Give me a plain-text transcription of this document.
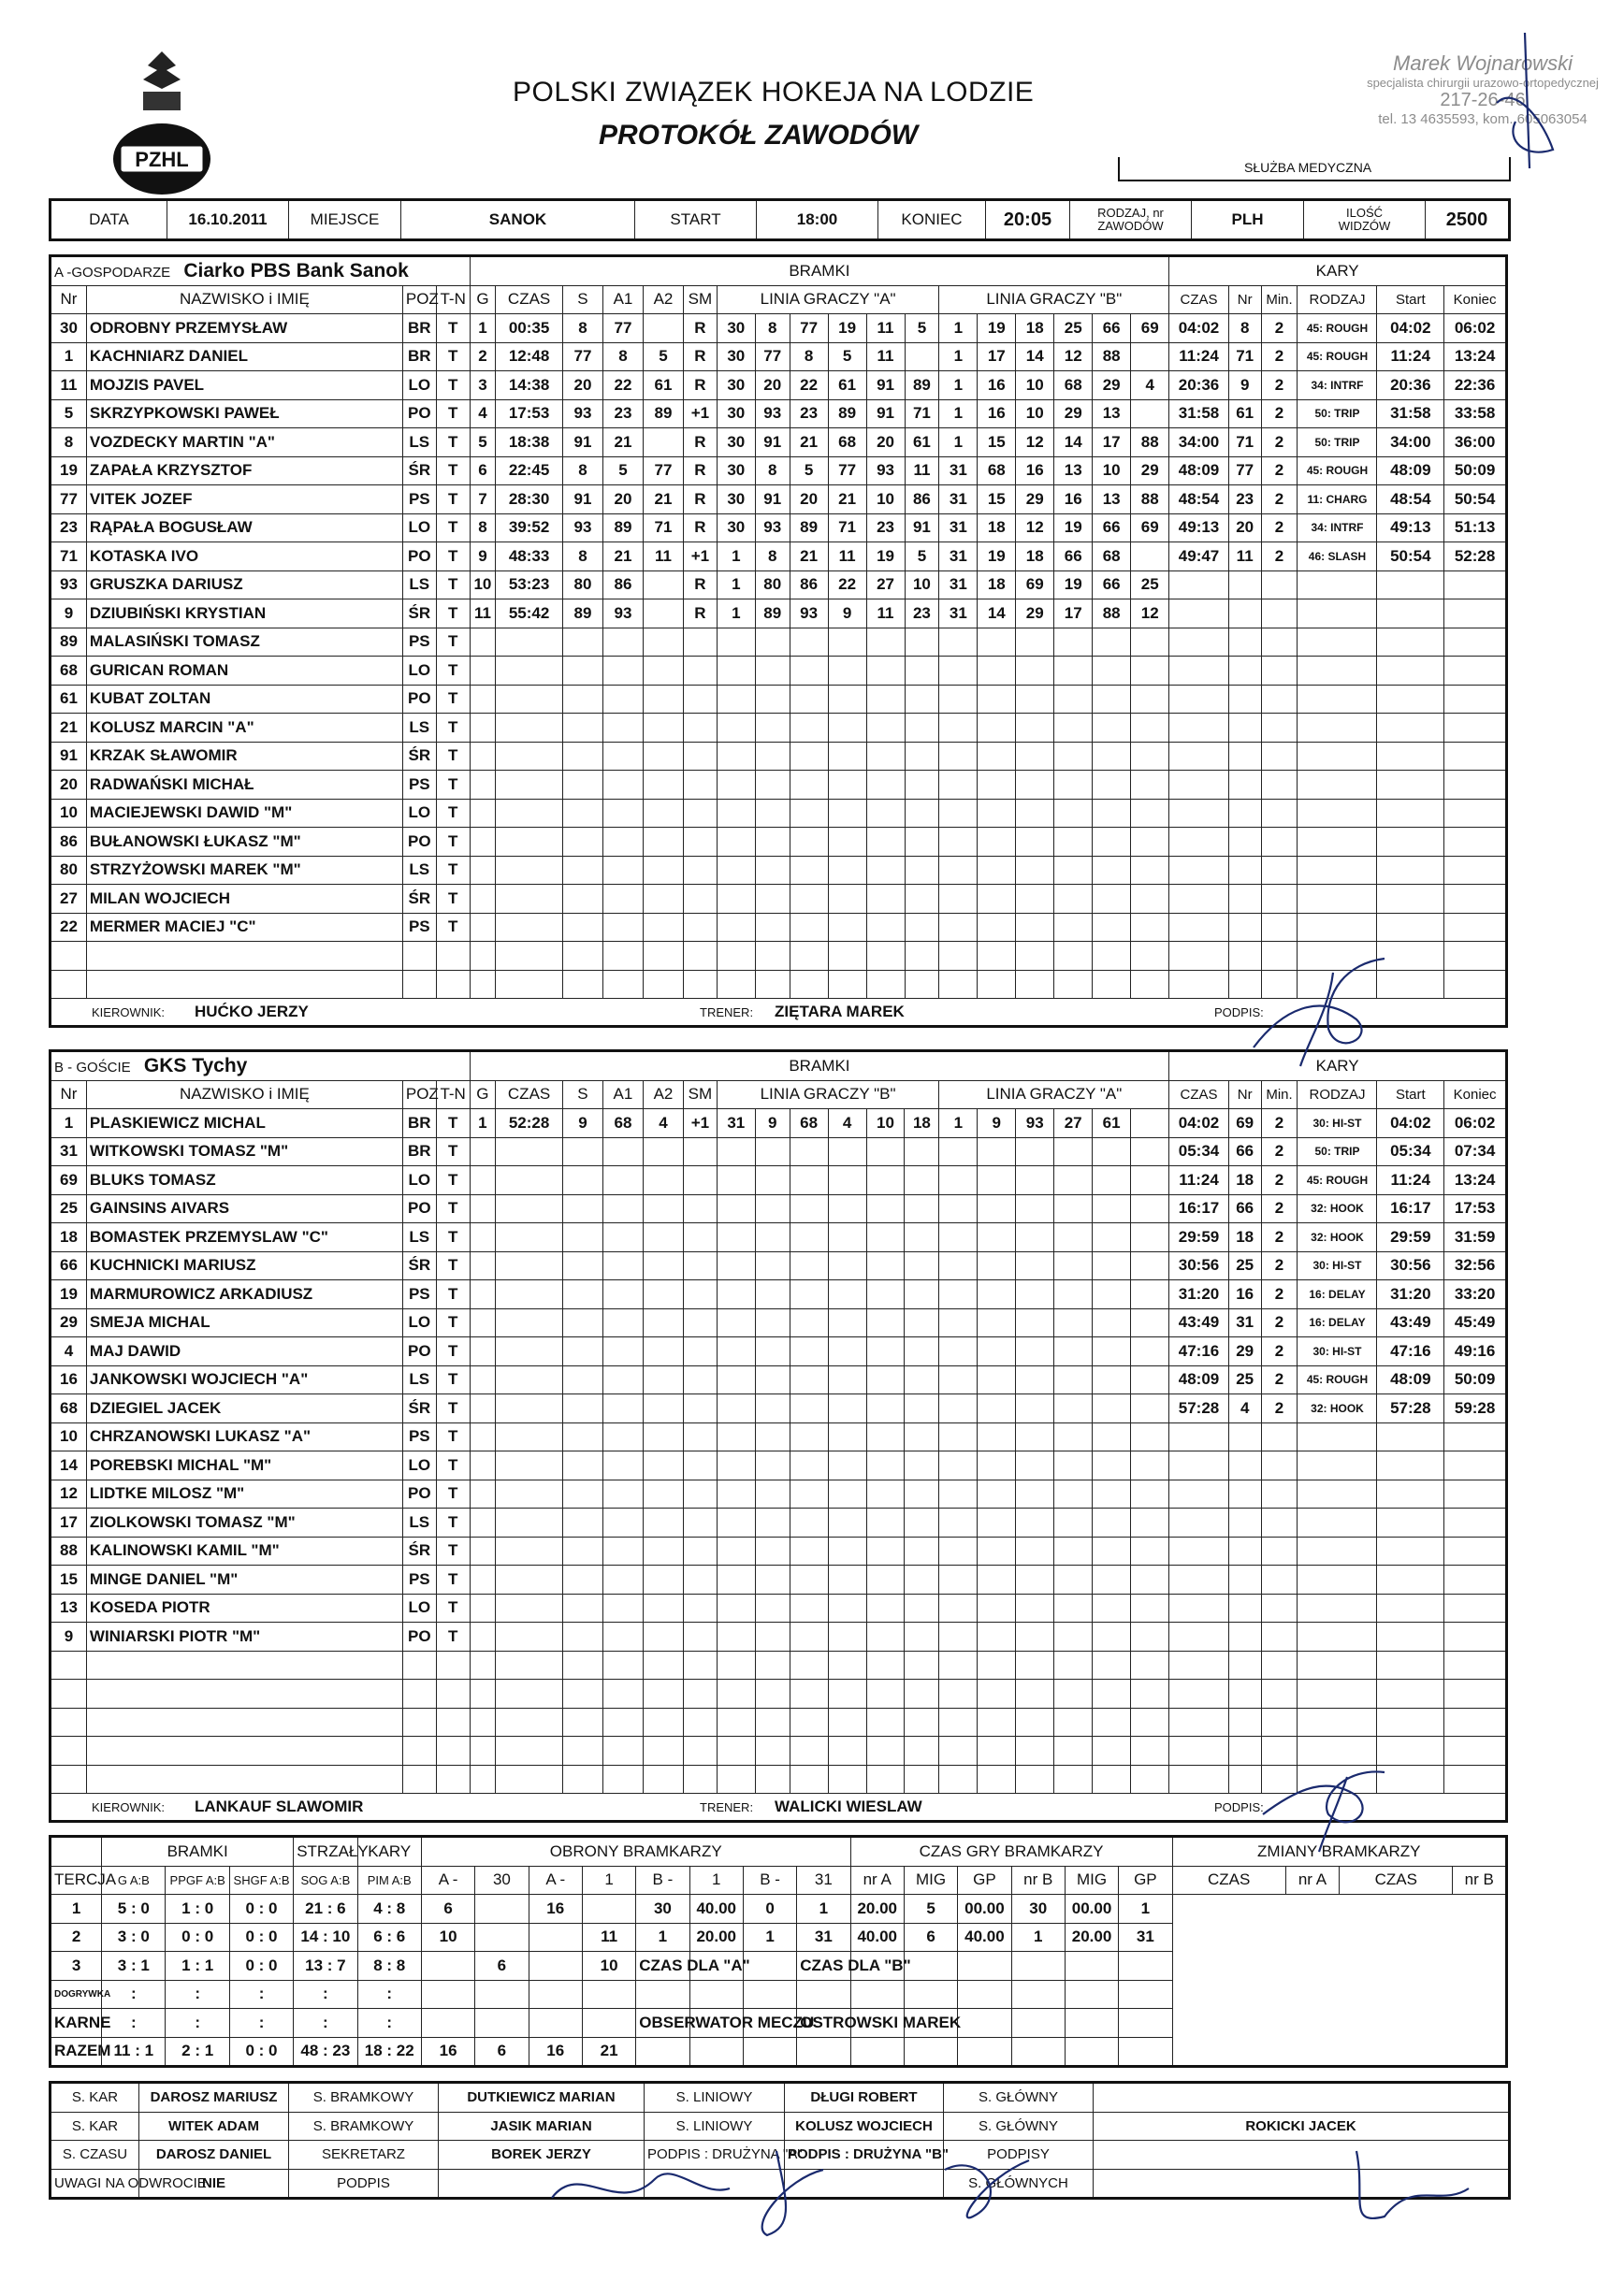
PZHL
POLSKI ZWIĄZEK HOKEJA NA LODZIE
PROTOKÓŁ ZAWODÓW
Marek Wojnarowski
specjalista chirurgii urazowo-ortopedycznej
217-26-46
tel. 13 4635593, kom. 605063054
SŁUŻBA MEDYCZNA
DATA	16.10.2011	MIEJSCE	SANOK	START	18:00	KONIEC	20:05	RODZAJ, nr
ZAWODÓW	PLH	ILOŚĆ
WIDZÓW	2500
A -GOSPODARZE Ciarko PBS Bank Sanok				BRAMKI																		KARY					
Nr	NAZWISKO i IMIĘ	POZ	T-N	G	CZAS	S	A1	A2	SM	LINIA GRACZY "A"						LINIA GRACZY "B"						CZAS	Nr	Min.	RODZAJ	Start	Koniec
30	ODROBNY PRZEMYSŁAW	BR	T	1	00:35	8	77		R	30	8	77	19	11	5	1	19	18	25	66	69	04:02	8	2	45: ROUGH	04:02	06:02
1	KACHNIARZ DANIEL	BR	T	2	12:48	77	8	5	R	30	77	8	5	11		1	17	14	12	88		11:24	71	2	45: ROUGH	11:24	13:24
11	MOJZIS PAVEL	LO	T	3	14:38	20	22	61	R	30	20	22	61	91	89	1	16	10	68	29	4	20:36	9	2	34: INTRF	20:36	22:36
5	SKRZYPKOWSKI PAWEŁ	PO	T	4	17:53	93	23	89	+1	30	93	23	89	91	71	1	16	10	29	13		31:58	61	2	50: TRIP	31:58	33:58
8	VOZDECKY MARTIN "A"	LS	T	5	18:38	91	21		R	30	91	21	68	20	61	1	15	12	14	17	88	34:00	71	2	50: TRIP	34:00	36:00
19	ZAPAŁA KRZYSZTOF	ŚR	T	6	22:45	8	5	77	R	30	8	5	77	93	11	31	68	16	13	10	29	48:09	77	2	45: ROUGH	48:09	50:09
77	VITEK JOZEF	PS	T	7	28:30	91	20	21	R	30	91	20	21	10	86	31	15	29	16	13	88	48:54	23	2	11: CHARG	48:54	50:54
23	RĄPAŁA BOGUSŁAW	LO	T	8	39:52	93	89	71	R	30	93	89	71	23	91	31	18	12	19	66	69	49:13	20	2	34: INTRF	49:13	51:13
71	KOTASKA IVO	PO	T	9	48:33	8	21	11	+1	1	8	21	11	19	5	31	19	18	66	68		49:47	11	2	46: SLASH	50:54	52:28
93	GRUSZKA DARIUSZ	LS	T	10	53:23	80	86		R	1	80	86	22	27	10	31	18	69	19	66	25						
9	DZIUBIŃSKI KRYSTIAN	ŚR	T	11	55:42	89	93		R	1	89	93	9	11	23	31	14	29	17	88	12						
89	MALASIŃSKI TOMASZ	PS	T																								
68	GURICAN ROMAN	LO	T																								
61	KUBAT ZOLTAN	PO	T																								
21	KOLUSZ MARCIN "A"	LS	T																								
91	KRZAK SŁAWOMIR	ŚR	T																								
20	RADWAŃSKI MICHAŁ	PS	T																								
10	MACIEJEWSKI DAWID "M"	LO	T																								
86	BUŁANOWSKI ŁUKASZ "M"	PO	T																								
80	STRZYŻOWSKI MAREK "M"	LS	T																								
27	MILAN WOJCIECH	ŚR	T																								
22	MERMER MACIEJ "C"	PS	T																								

KIEROWNIK: HUĆKO JERZY TRENER: ZIĘTARA MAREK PODPIS:																											
B - GOŚCIE GKS Tychy				BRAMKI																		KARY					
Nr	NAZWISKO i IMIĘ	POZ	T-N	G	CZAS	S	A1	A2	SM	LINIA GRACZY "B"						LINIA GRACZY "A"						CZAS	Nr	Min.	RODZAJ	Start	Koniec
1	PLASKIEWICZ MICHAL	BR	T	1	52:28	9	68	4	+1	31	9	68	4	10	18	1	9	93	27	61		04:02	69	2	30: HI-ST	04:02	06:02
31	WITKOWSKI TOMASZ "M"	BR	T																			05:34	66	2	50: TRIP	05:34	07:34
69	BLUKS TOMASZ	LO	T																			11:24	18	2	45: ROUGH	11:24	13:24
25	GAINSINS AIVARS	PO	T																			16:17	66	2	32: HOOK	16:17	17:53
18	BOMASTEK PRZEMYSLAW "C"	LS	T																			29:59	18	2	32: HOOK	29:59	31:59
66	KUCHNICKI MARIUSZ	ŚR	T																			30:56	25	2	30: HI-ST	30:56	32:56
19	MARMUROWICZ ARKADIUSZ	PS	T																			31:20	16	2	16: DELAY	31:20	33:20
29	SMEJA MICHAL	LO	T																			43:49	31	2	16: DELAY	43:49	45:49
4	MAJ DAWID	PO	T																			47:16	29	2	30: HI-ST	47:16	49:16
16	JANKOWSKI WOJCIECH "A"	LS	T																			48:09	25	2	45: ROUGH	48:09	50:09
68	DZIEGIEL JACEK	ŚR	T																			57:28	4	2	32: HOOK	57:28	59:28
10	CHRZANOWSKI LUKASZ "A"	PS	T																								
14	POREBSKI MICHAL "M"	LO	T																								
12	LIDTKE MILOSZ "M"	PO	T																								
17	ZIOLKOWSKI TOMASZ "M"	LS	T																								
88	KALINOWSKI KAMIL "M"	ŚR	T																								
15	MINGE DANIEL "M"	PS	T																								
13	KOSEDA PIOTR	LO	T																								
9	WINIARSKI PIOTR "M"	PO	T																								

KIEROWNIK: LANKAUF SLAWOMIR TRENER: WALICKI WIESLAW PODPIS:																											
	BRAMKI			STRZAŁY	KARY	OBRONY BRAMKARZY								CZAS GRY BRAMKARZY						ZMIANY BRAMKARZY			
TERCJA	G A:B	PPGF A:B	SHGF A:B	SOG A:B	PIM A:B	A -	30	A -	1	B -	1	B -	31	nr A	MIG	GP	nr B	MIG	GP	CZAS	nr A	CZAS	nr B
1	5 : 0	1 : 0	0 : 0	21 : 6	4 : 8	6		16		30	40.00	0	1	20.00	5	00.00	30	00.00	1				
2	3 : 0	0 : 0	0 : 0	14 : 10	6 : 6	10			11	1	20.00	1	31	40.00	6	40.00	1	20.00	31				
3	3 : 1	1 : 1	0 : 0	13 : 7	8 : 8		6		10	CZAS DLA "A"			CZAS DLA "B"										
DOGRYWKA	:	:	:	:	:																		
KARNE	:	:	:	:	:					OBSERWATOR MECZU			OSTROWSKI MAREK										
RAZEM	11 : 1	2 : 1	0 : 0	48 : 23	18 : 22	16	6	16	21														
S. KAR	DAROSZ MARIUSZ	S. BRAMKOWY	DUTKIEWICZ MARIAN	S. LINIOWY	DŁUGI ROBERT	S. GŁÓWNY	
S. KAR	WITEK ADAM	S. BRAMKOWY	JASIK MARIAN	S. LINIOWY	KOLUSZ WOJCIECH	S. GŁÓWNY	ROKICKI JACEK
S. CZASU	DAROSZ DANIEL	SEKRETARZ	BOREK JERZY	PODPIS : DRUŻYNA "A"	PODPIS : DRUŻYNA "B"	PODPISY	
UWAGI NA ODWROCIE	NIE	PODPIS				S. GŁÓWNYCH	
